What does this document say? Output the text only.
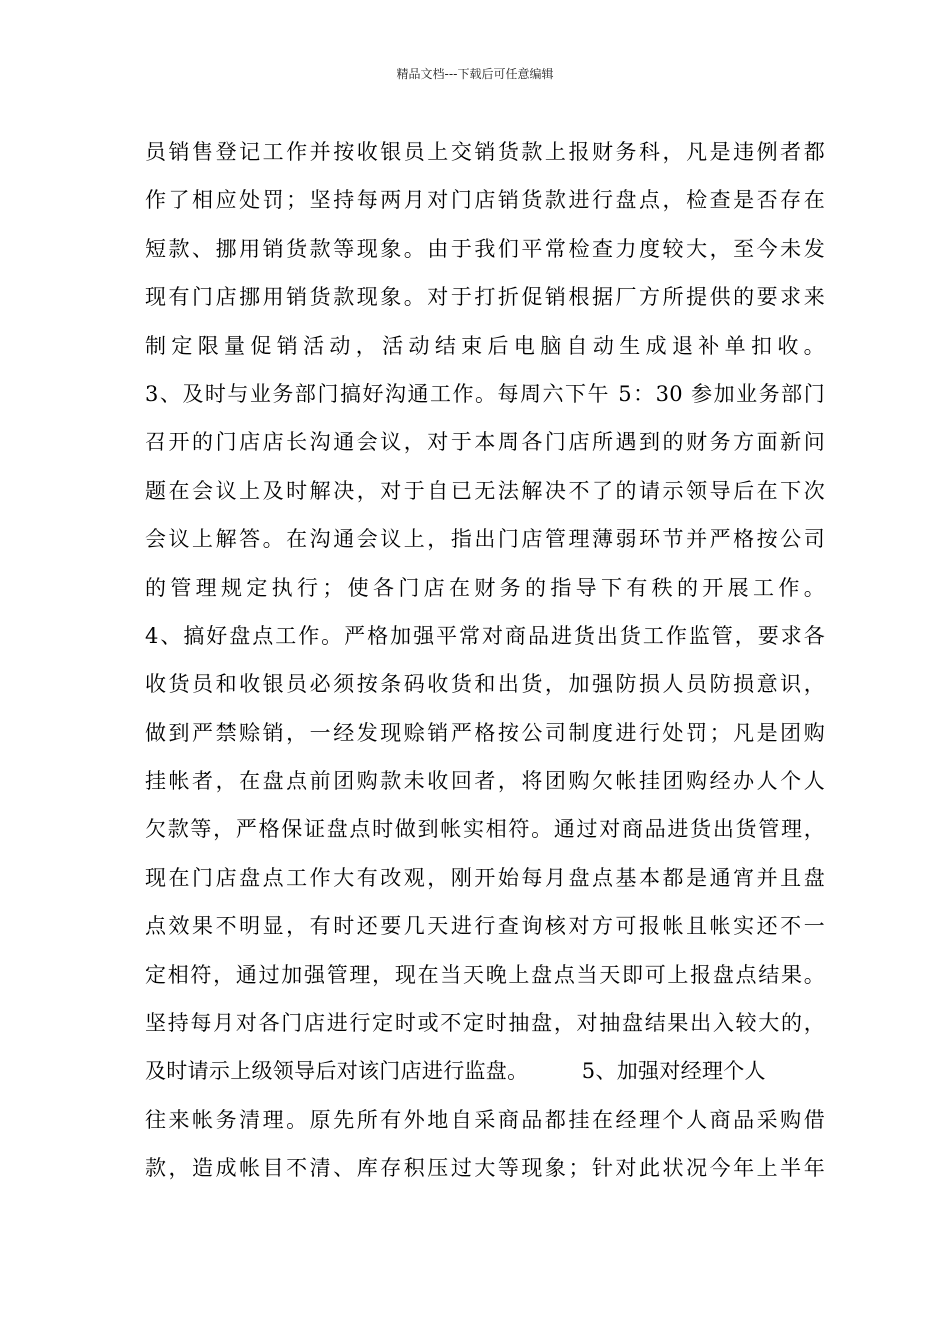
精品文档---下载后可任意编辑
员销售登记工作并按收银员上交销货款上报财务科，凡是违例者都
作了相应处罚；坚持每两月对门店销货款进行盘点，检查是否存在
短款、挪用销货款等现象。由于我们平常检查力度较大，至今未发
现有门店挪用销货款现象。对于打折促销根据厂方所提供的要求来
制定限量促销活动，活动结束后电脑自动生成退补单扣收。
3、及时与业务部门搞好沟通工作。每周六下午 5：30 参加业务部门
召开的门店店长沟通会议，对于本周各门店所遇到的财务方面新问
题在会议上及时解决，对于自已无法解决不了的请示领导后在下次
会议上解答。在沟通会议上，指出门店管理薄弱环节并严格按公司
的管理规定执行；使各门店在财务的指导下有秩的开展工作。
4、搞好盘点工作。严格加强平常对商品进货出货工作监管，要求各
收货员和收银员必须按条码收货和出货，加强防损人员防损意识，
做到严禁赊销，一经发现赊销严格按公司制度进行处罚；凡是团购
挂帐者，在盘点前团购款未收回者，将团购欠帐挂团购经办人个人
欠款等，严格保证盘点时做到帐实相符。通过对商品进货出货管理，
现在门店盘点工作大有改观，刚开始每月盘点基本都是通宵并且盘
点效果不明显，有时还要几天进行查询核对方可报帐且帐实还不一
定相符，通过加强管理，现在当天晚上盘点当天即可上报盘点结果。
坚持每月对各门店进行定时或不定时抽盘，对抽盘结果出入较大的，
及时请示上级领导后对该门店进行监盘。　　　5、加强对经理个人
往来帐务清理。原先所有外地自采商品都挂在经理个人商品采购借
款，造成帐目不清、库存积压过大等现象；针对此状况今年上半年
